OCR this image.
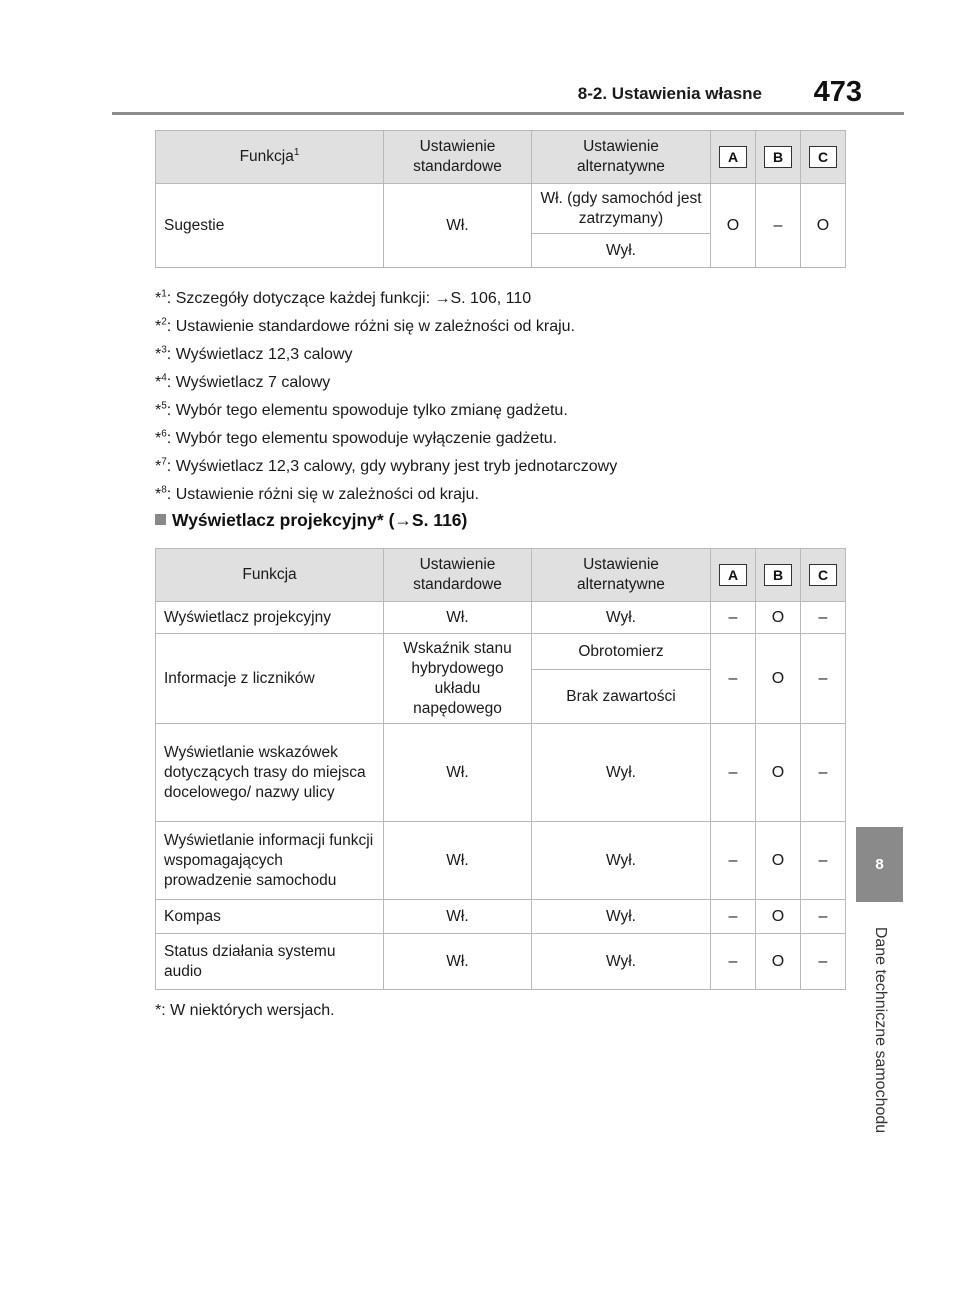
8-2. Ustawienia własne	473
8
Dane techniczne samochodu
Funkcja$^1$	Ustawienie standardowe	Ustawienie alternatywne	A	B	C
Sugestie	Wł.	Wł. (gdy samochód jest zatrzymany)	O	–	O
		Wył.			
*$^1$: Szczegóły dotyczące każdej funkcji: →S. 106, 110
*$^2$: Ustawienie standardowe różni się w zależności od kraju.
*$^3$: Wyświetlacz 12,3 calowy
*$^4$: Wyświetlacz 7 calowy
*$^5$: Wybór tego elementu spowoduje tylko zmianę gadżetu.
*$^6$: Wybór tego elementu spowoduje wyłączenie gadżetu.
*$^7$: Wyświetlacz 12,3 calowy, gdy wybrany jest tryb jednotarczowy
*$^8$: Ustawienie różni się w zależności od kraju.
Wyświetlacz projekcyjny* (→S. 116)
Funkcja	Ustawienie standardowe	Ustawienie alternatywne	A	B	C
Wyświetlacz projekcyjny	Wł.	Wył.	–	O	–
Informacje z liczników	Wskaźnik stanu hybrydowego układu napędowego	Obrotomierz	–	O	–
		Brak zawartości			
Wyświetlanie wskazówek dotyczących trasy do miejsca docelowego/ nazwy ulicy	Wł.	Wył.	–	O	–
Wyświetlanie informacji funkcji wspomagających prowadzenie samochodu	Wł.	Wył.	–	O	–
Kompas	Wł.	Wył.	–	O	–
Status działania systemu audio	Wł.	Wył.	–	O	–
*: W niektórych wersjach.
